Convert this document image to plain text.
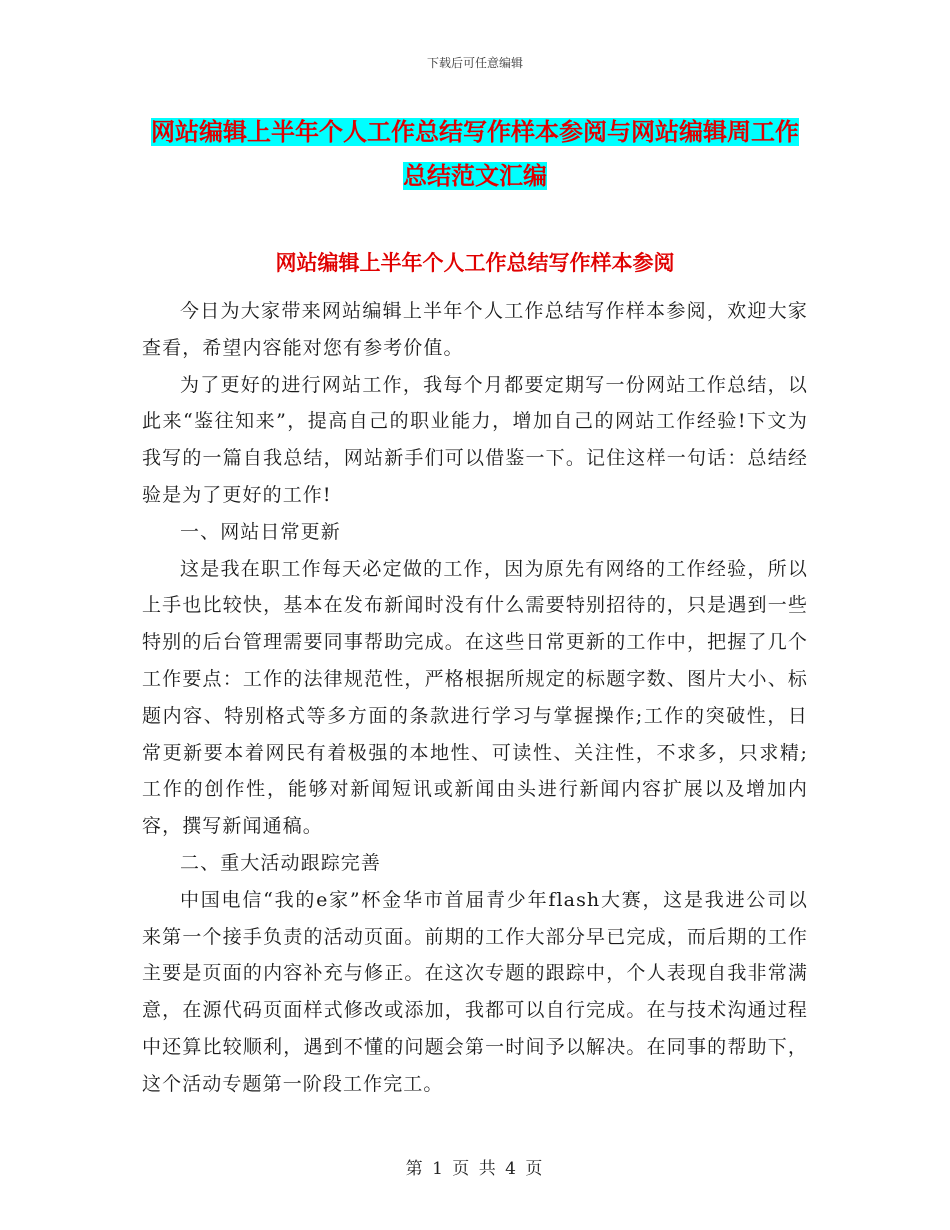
下载后可任意编辑
网站编辑上半年个人工作总结写作样本参阅与网站编辑周工作总结范文汇编
网站编辑上半年个人工作总结写作样本参阅

今日为大家带来网站编辑上半年个人工作总结写作样本参阅，欢迎大家查看，希望内容能对您有参考价值。

为了更好的进行网站工作，我每个月都要定期写一份网站工作总结，以此来“鉴往知来”，提高自己的职业能力，增加自己的网站工作经验!下文为我写的一篇自我总结，网站新手们可以借鉴一下。记住这样一句话：总结经验是为了更好的工作!

一、网站日常更新

这是我在职工作每天必定做的工作，因为原先有网络的工作经验，所以上手也比较快，基本在发布新闻时没有什么需要特别招待的，只是遇到一些特别的后台管理需要同事帮助完成。在这些日常更新的工作中，把握了几个工作要点：工作的法律规范性，严格根据所规定的标题字数、图片大小、标题内容、特别格式等多方面的条款进行学习与掌握操作;工作的突破性，日常更新要本着网民有着极强的本地性、可读性、关注性，不求多，只求精;工作的创作性，能够对新闻短讯或新闻由头进行新闻内容扩展以及增加内容，撰写新闻通稿。

二、重大活动跟踪完善

中国电信“我的e家”杯金华市首届青少年flash大赛，这是我进公司以来第一个接手负责的活动页面。前期的工作大部分早已完成，而后期的工作主要是页面的内容补充与修正。在这次专题的跟踪中，个人表现自我非常满意，在源代码页面样式修改或添加，我都可以自行完成。在与技术沟通过程中还算比较顺利，遇到不懂的问题会第一时间予以解决。在同事的帮助下，这个活动专题第一阶段工作完工。

第 1 页 共 4 页
